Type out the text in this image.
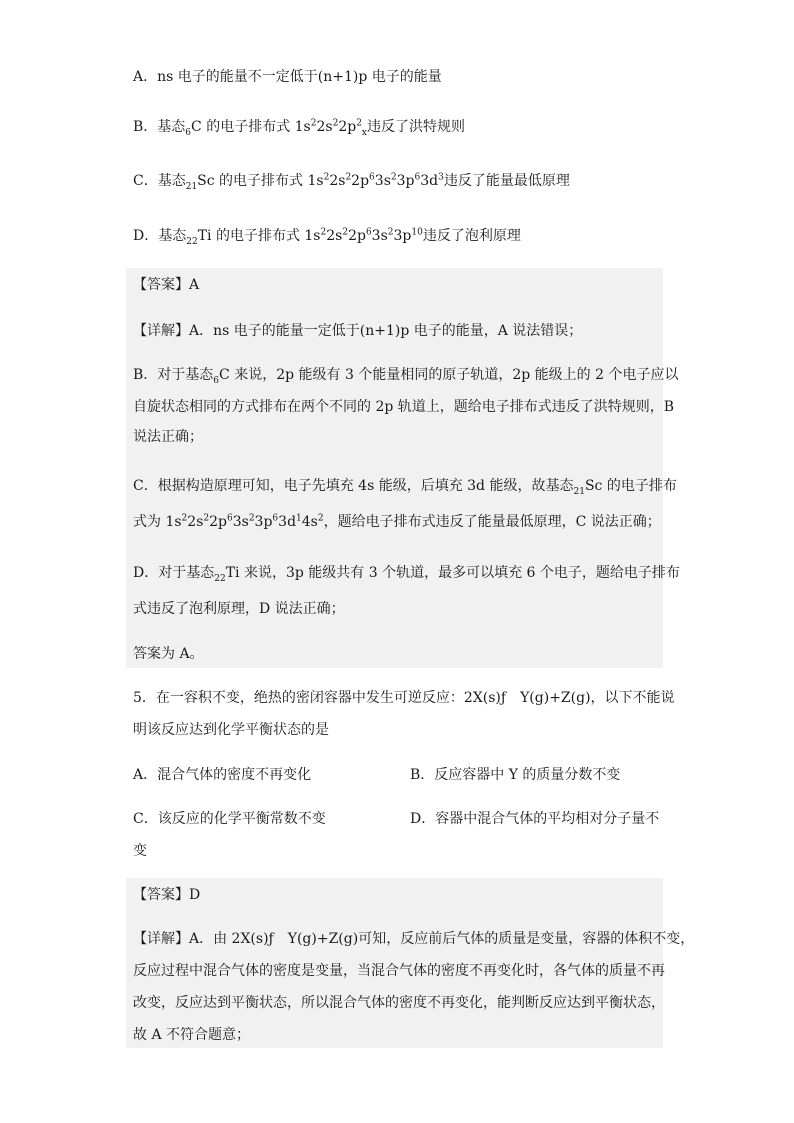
A．ns 电子的能量不一定低于(n+1)p 电子的能量
B．基态$_6$C 的电子排布式 $1s^22s^22p^2_x$违反了洪特规则
C．基态$_{21}$Sc 的电子排布式 $1s^22s^22p^63s^23p^63d^3$违反了能量最低原理
D．基态$_{22}$Ti 的电子排布式 $1s^22s^22p^63s^23p^{10}$违反了泡利原理
【答案】A
【详解】A．ns 电子的能量一定低于(n+1)p 电子的能量，A 说法错误；
B．对于基态$_6$C 来说，2p 能级有 3 个能量相同的原子轨道，2p 能级上的 2 个电子应以
自旋状态相同的方式排布在两个不同的 2p 轨道上，题给电子排布式违反了洪特规则，B
说法正确；
C．根据构造原理可知，电子先填充 4s 能级，后填充 3d 能级，故基态$_{21}$Sc 的电子排布
式为 $1s^22s^22p^63s^23p^63d^14s^2$，题给电子排布式违反了能量最低原理，C 说法正确；
D．对于基态$_{22}$Ti 来说，3p 能级共有 3 个轨道，最多可以填充 6 个电子，题给电子排布
式违反了泡利原理，D 说法正确；
答案为 A。
5．在一容积不变，绝热的密闭容器中发生可逆反应：2X(s)ƒ　Y(g)+Z(g)，以下不能说
明该反应达到化学平衡状态的是
A．混合气体的密度不再变化	B．反应容器中 Y 的质量分数不变
C．该反应的化学平衡常数不变	D．容器中混合气体的平均相对分子量不
变
【答案】D
【详解】A．由 2X(s)ƒ　Y(g)+Z(g)可知，反应前后气体的质量是变量，容器的体积不变，
反应过程中混合气体的密度是变量，当混合气体的密度不再变化时，各气体的质量不再
改变，反应达到平衡状态，所以混合气体的密度不再变化，能判断反应达到平衡状态，
故 A 不符合题意；
